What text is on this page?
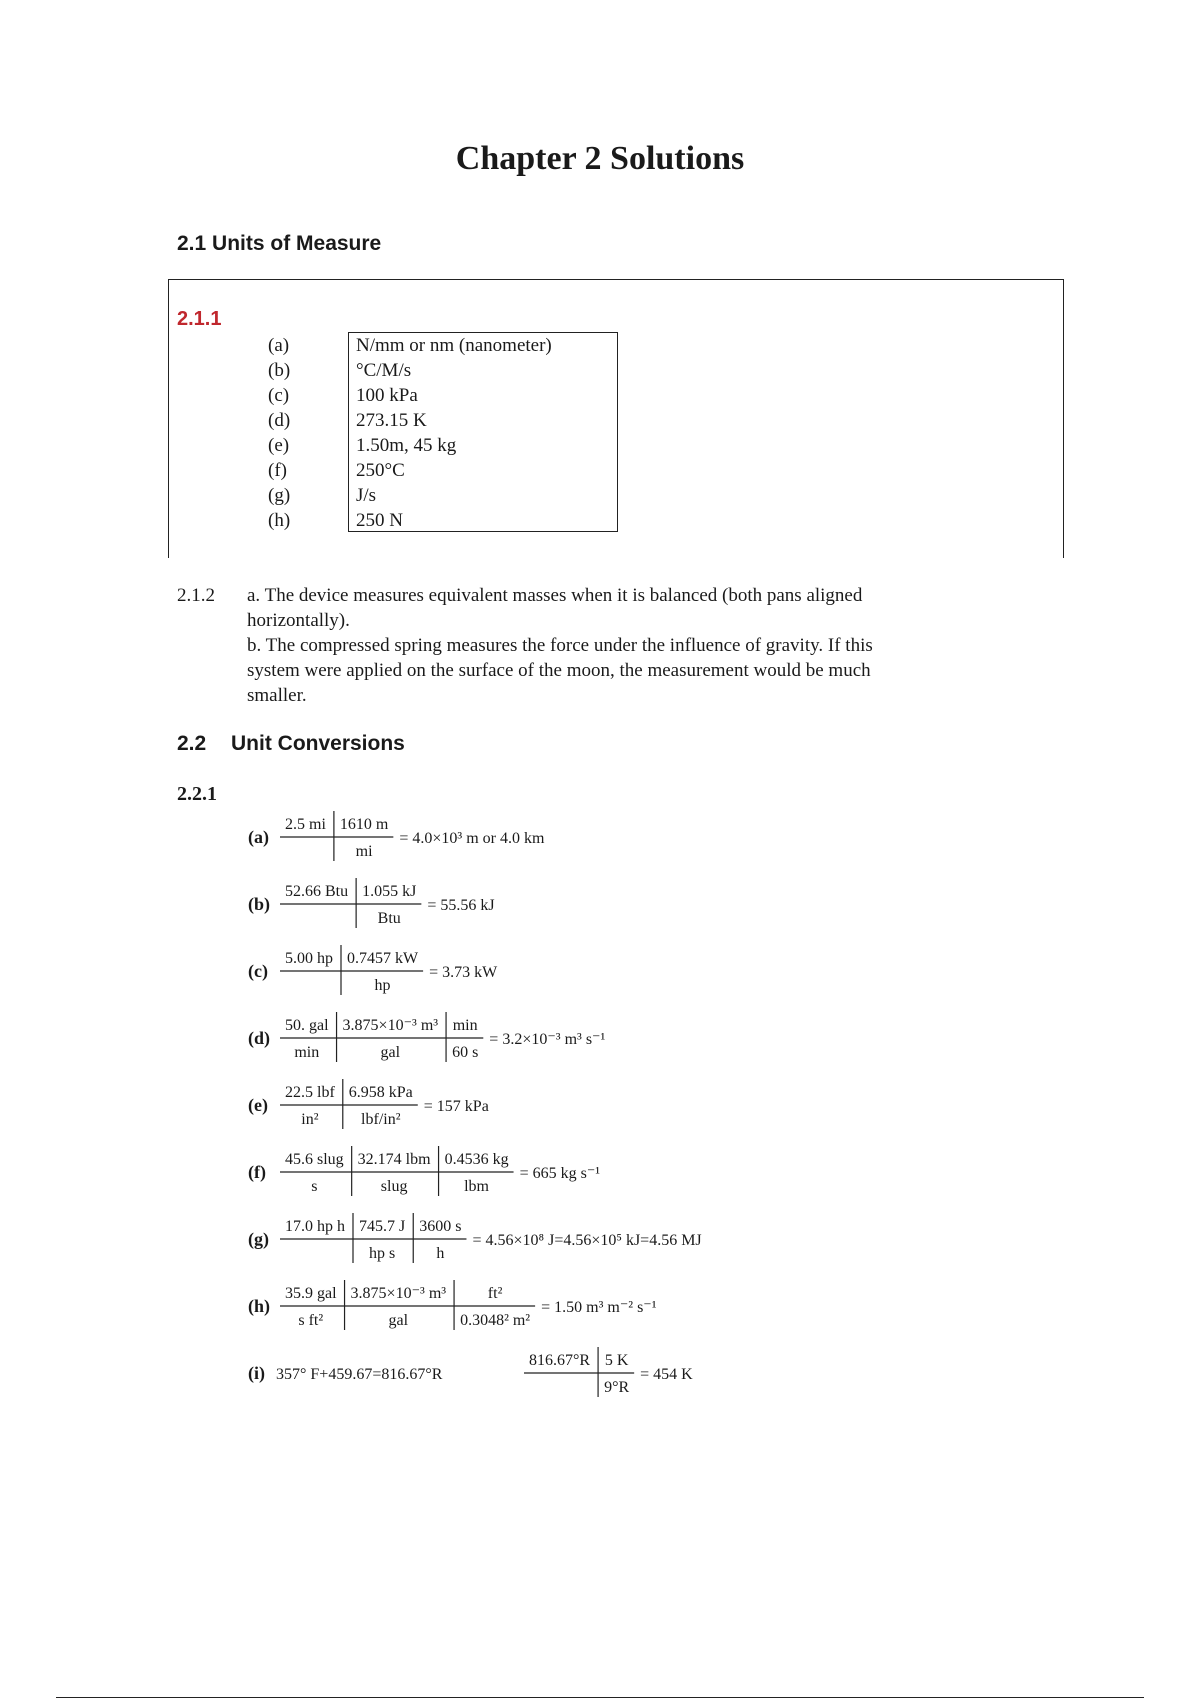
Chapter 2 Solutions
2.1 Units of Measure
2.1.1
(a)
(b)
(c)
(d)
(e)
(f)
(g)
(h)
N/mm or nm (nanometer)
°C/M/s
100 kPa
273.15 K
1.50m, 45 kg
250°C
J/s
250 N
2.1.2 a. The device measures equivalent masses when it is balanced (both pans aligned
horizontally).
b. The compressed spring measures the force under the influence of gravity. If this
system were applied on the surface of the moon, the measurement would be much
smaller.
2.2 Unit Conversions
2.2.1
(a)
2.5 mi 1610 m
mi
= 4.0×10³ m or 4.0 km
(b)
52.66 Btu 1.055 kJ
Btu
= 55.56 kJ
(c)
5.00 hp 0.7457 kW
hp
= 3.73 kW
(d)
50. gal
min
3.875×10⁻³ m³
gal
min
60 s
= 3.2×10⁻³ m³ s⁻¹
(e)
22.5 lbf
in²
6.958 kPa
lbf/in²
= 157 kPa
(f)
45.6 slug
s
32.174 lbm
slug
0.4536 kg
lbm
= 665 kg s⁻¹
(g)
17.0 hp h 745.7 J
hp s
3600 s
h
= 4.56×10⁸ J=4.56×10⁵ kJ=4.56 MJ
(h)
35.9 gal
s ft²
3.875×10⁻³ m³
gal
ft²
0.3048² m²
= 1.50 m³ m⁻² s⁻¹
(i) 357° F+459.67=816.67°R
816.67°R 5 K
9°R
= 454 K
